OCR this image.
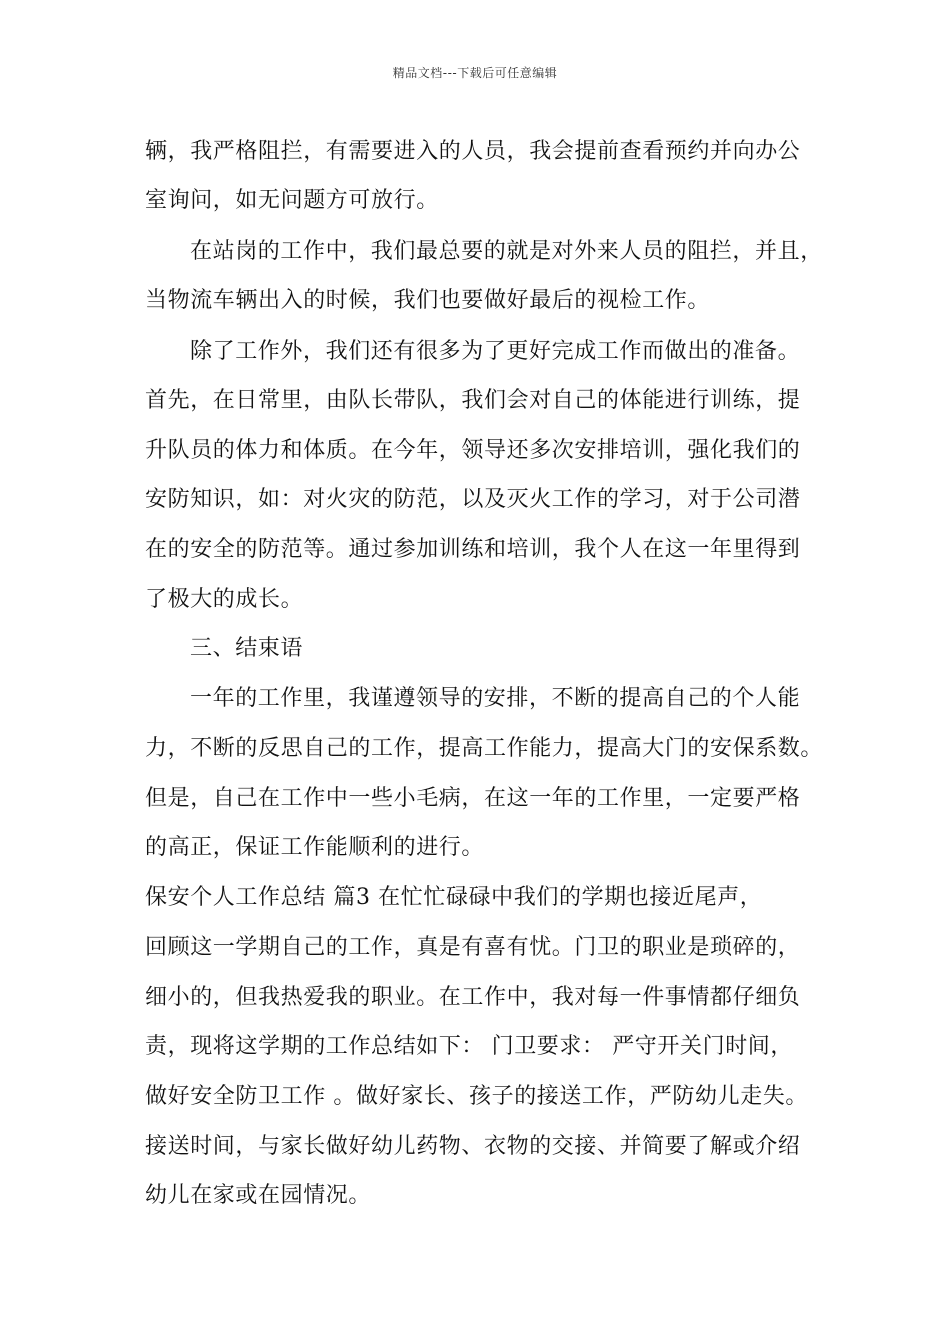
精品文档---下载后可任意编辑
辆，我严格阻拦，有需要进入的人员，我会提前查看预约并向办公
室询问，如无问题方可放行。
在站岗的工作中，我们最总要的就是对外来人员的阻拦，并且，
当物流车辆出入的时候，我们也要做好最后的视检工作。
除了工作外，我们还有很多为了更好完成工作而做出的准备。
首先，在日常里，由队长带队，我们会对自己的体能进行训练，提
升队员的体力和体质。在今年，领导还多次安排培训，强化我们的
安防知识，如：对火灾的防范，以及灭火工作的学习，对于公司潜
在的安全的防范等。通过参加训练和培训，我个人在这一年里得到
了极大的成长。
三、结束语
一年的工作里，我谨遵领导的安排，不断的提高自己的个人能
力，不断的反思自己的工作，提高工作能力，提高大门的安保系数。
但是，自己在工作中一些小毛病，在这一年的工作里，一定要严格
的高正，保证工作能顺利的进行。
保安个人工作总结 篇3 在忙忙碌碌中我们的学期也接近尾声，
回顾这一学期自己的工作，真是有喜有忧。门卫的职业是琐碎的，
细小的，但我热爱我的职业。在工作中，我对每一件事情都仔细负
责，现将这学期的工作总结如下： 门卫要求： 严守开关门时间，
做好安全防卫工作 。做好家长、孩子的接送工作，严防幼儿走失。
接送时间，与家长做好幼儿药物、衣物的交接、并简要了解或介绍
幼儿在家或在园情况。
